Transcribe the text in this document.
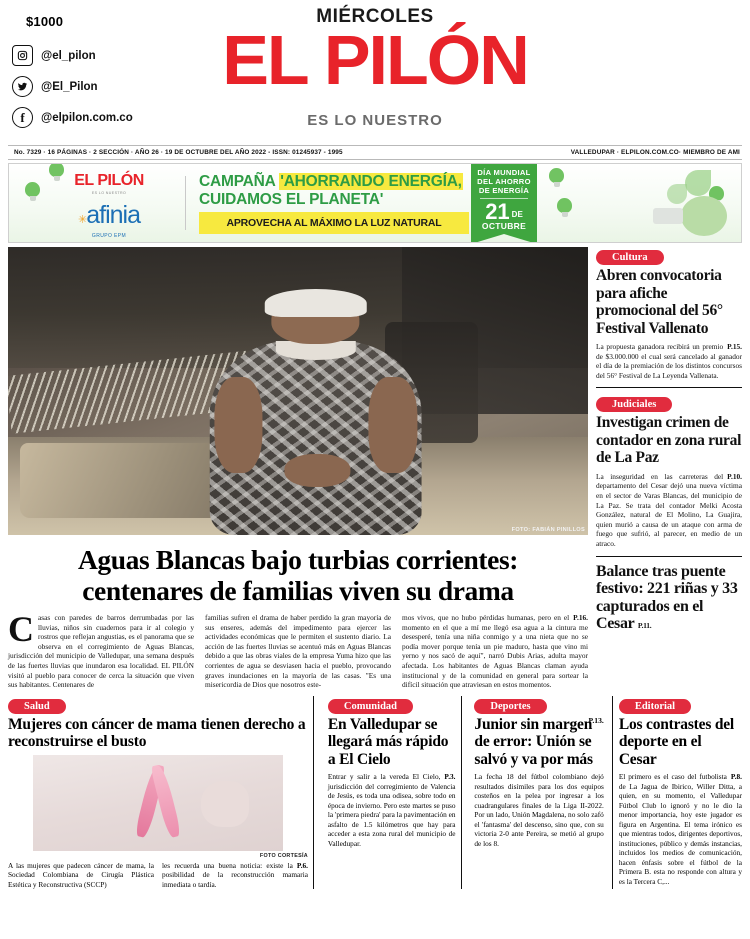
$1000
@el_pilon
@El_Pilon
f @elpilon.com.co
MIÉRCOLES
EL PILÓN
ES LO NUESTRO
No. 7329 · 16 PÁGINAS · 2 SECCIÓN · AÑO 26 · 19 DE OCTUBRE DEL AÑO 2022 - ISSN: 01245937 - 1995	VALLEDUPAR · ELPILON.COM.CO· MIEMBRO DE AMI
EL PILÓN
ES LO NUESTRO
✳afinia
GRUPO EPM
CAMPAÑA 'AHORRANDO ENERGÍA,
CUIDAMOS EL PLANETA'
APROVECHA AL MÁXIMO LA LUZ NATURAL
DÍA MUNDIAL DEL AHORRO DE ENERGÍA
21 DE
OCTUBRE
FOTO: FABIÁN PINILLOS
Aguas Blancas bajo turbias corrientes:
centenares de familias viven su drama
C asas con paredes de barros derrumbadas por las lluvias, niños sin cuadernos para ir al colegio y rostros que reflejan angustias, es el panorama que se observa en el corregimiento de Aguas Blancas, jurisdicción del municipio de Valledupar, una semana después de las fuertes lluvias que inundaron esa localidad. EL PILÓN visitó al pueblo para conocer de cerca la situación que viven sus habitantes. Centenares de

familias sufren el drama de haber perdido la gran mayoría de sus enseres, además del impedimento para ejercer las actividades económicas que le permiten el sustento diario. La acción de las fuertes lluvias se acentuó más en Aguas Blancas debido a que las obras viales de la empresa Yuma hizo que las corrientes de agua se desviasen hacia el pueblo, provocando graves inundaciones en la mayoría de las casas. "Es una misericordia de Dios que nosotros este-

P.16.

mos vivos, que no hubo pérdidas humanas, pero en el momento en el que a mí me llegó esa agua a la cintura me desesperé, tenía una niña conmigo y a una nieta que no se podía mover porque tenía un pie maduro, hasta que vino mi yerno y nos sacó de aquí", narró Dubis Arias, adulta mayor afectada. Los habitantes de Aguas Blancas claman ayuda institucional y de la comunidad en general para sortear la difícil situación que atraviesan en estos momentos.

Cultura
Abren convocatoria para afiche promocional del 56° Festival Vallenato

P.15.
La propuesta ganadora recibirá un premio de $3.000.000 el cual será cancelado al ganador el día de la premiación de los distintos concursos del 56° Festival de La Leyenda Vallenata.

Judiciales
Investigan crimen de contador en zona rural de La Paz

P.10.
La inseguridad en las carreteras del departamento del Cesar dejó una nueva víctima en el sector de Varas Blancas, del municipio de La Paz. Se trata del contador Melki Acosta González, natural de El Molino, La Guajira, quien murió a causa de un ataque con arma de fuego que sufrió, al parecer, en medio de un atraco.

Balance tras puente festivo: 221 riñas y 33 capturados en el Cesar P.11.
Salud
Mujeres con cáncer de mama tienen derecho a reconstruirse el busto

FOTO CORTESÍA

A las mujeres que padecen cáncer de mama, la Sociedad Colombiana de Cirugía Plástica Estética y Reconstructiva (SCCP)

P.6.
les recuerda una buena noticia: existe la posibilidad de la reconstrucción mamaria inmediata o tardía.

Comunidad
En Valledupar se llegará más rápido a El Cielo

P.3.
Entrar y salir a la vereda El Cielo, jurisdicción del corregimiento de Valencia de Jesús, es toda una odisea, sobre todo en época de invierno. Pero este martes se puso la 'primera piedra' para la pavimentación en asfalto de 1.5 kilómetros que hay para acceder a esta zona rural del municipio de Valledupar.

Deportes
P.13.
Junior sin margen de error: Unión se salvó y va por más

La fecha 18 del fútbol colombiano dejó resultados disímiles para los dos equipos costeños en la pelea por ingresar a los cuadrangulares finales de la Liga II-2022. Por un lado, Unión Magdalena, no solo zafó el 'fantasma' del descenso, sino que, con su victoria 2-0 ante Pereira, se metió al grupo de los 8.

Editorial
Los contrastes del deporte en el Cesar

P.8.
El primero es el caso del futbolista de La Jagua de Ibirico, Willer Ditta, a quien, en su momento, el Valledupar Fútbol Club lo ignoró y no le dio la menor importancia, hoy este jugador es figura en Argentina. El tema irónico es que mientras todos, dirigentes deportivos, instituciones, público y demás instancias, incluidos los medios de comunicación, hacen énfasis sobre el fútbol de la Primera B. esta no responde con altura y es la Tercera C,...
